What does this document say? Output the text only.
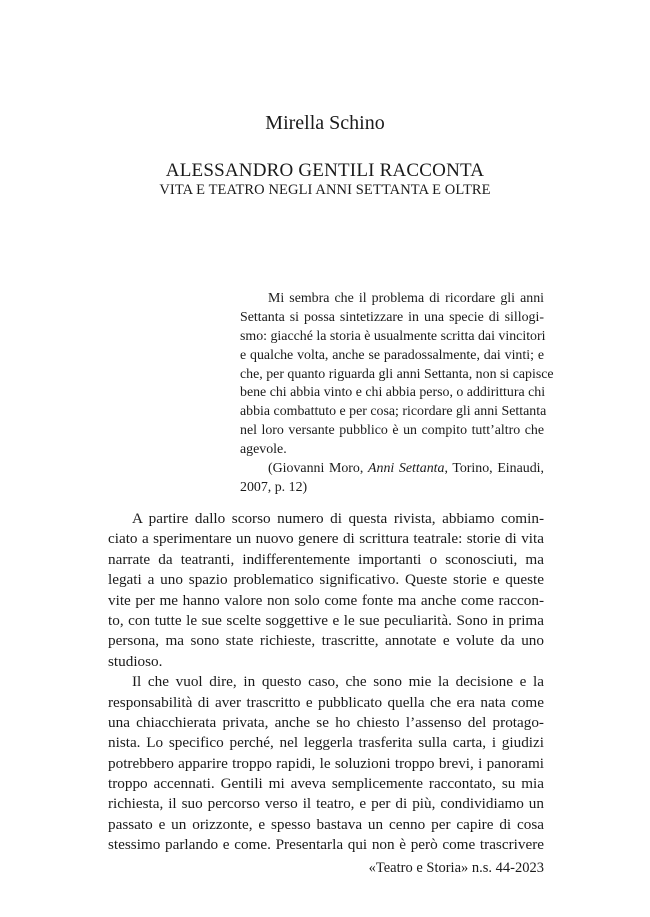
Mirella Schino
ALESSANDRO GENTILI RACCONTA
VITA E TEATRO NEGLI ANNI SETTANTA E OLTRE
Mi sembra che il problema di ricordare gli anni
Settanta si possa sintetizzare in una specie di sillogi-
smo: giacché la storia è usualmente scritta dai vincitori
e qualche volta, anche se paradossalmente, dai vinti; e
che, per quanto riguarda gli anni Settanta, non si capisce
bene chi abbia vinto e chi abbia perso, o addirittura chi
abbia combattuto e per cosa; ricordare gli anni Settanta
nel loro versante pubblico è un compito tutt’altro che
agevole.
(Giovanni Moro, Anni Settanta, Torino, Einaudi,
2007, p. 12)
A partire dallo scorso numero di questa rivista, abbiamo comin-
ciato a sperimentare un nuovo genere di scrittura teatrale: storie di vita
narrate da teatranti, indifferentemente importanti o sconosciuti, ma
legati a uno spazio problematico significativo. Queste storie e queste
vite per me hanno valore non solo come fonte ma anche come raccon-
to, con tutte le sue scelte soggettive e le sue peculiarità. Sono in prima
persona, ma sono state richieste, trascritte, annotate e volute da uno
studioso.
Il che vuol dire, in questo caso, che sono mie la decisione e la
responsabilità di aver trascritto e pubblicato quella che era nata come
una chiacchierata privata, anche se ho chiesto l’assenso del protago-
nista. Lo specifico perché, nel leggerla trasferita sulla carta, i giudizi
potrebbero apparire troppo rapidi, le soluzioni troppo brevi, i panorami
troppo accennati. Gentili mi aveva semplicemente raccontato, su mia
richiesta, il suo percorso verso il teatro, e per di più, condividiamo un
passato e un orizzonte, e spesso bastava un cenno per capire di cosa
stessimo parlando e come. Presentarla qui non è però come trascrivere
«Teatro e Storia» n.s. 44-2023
